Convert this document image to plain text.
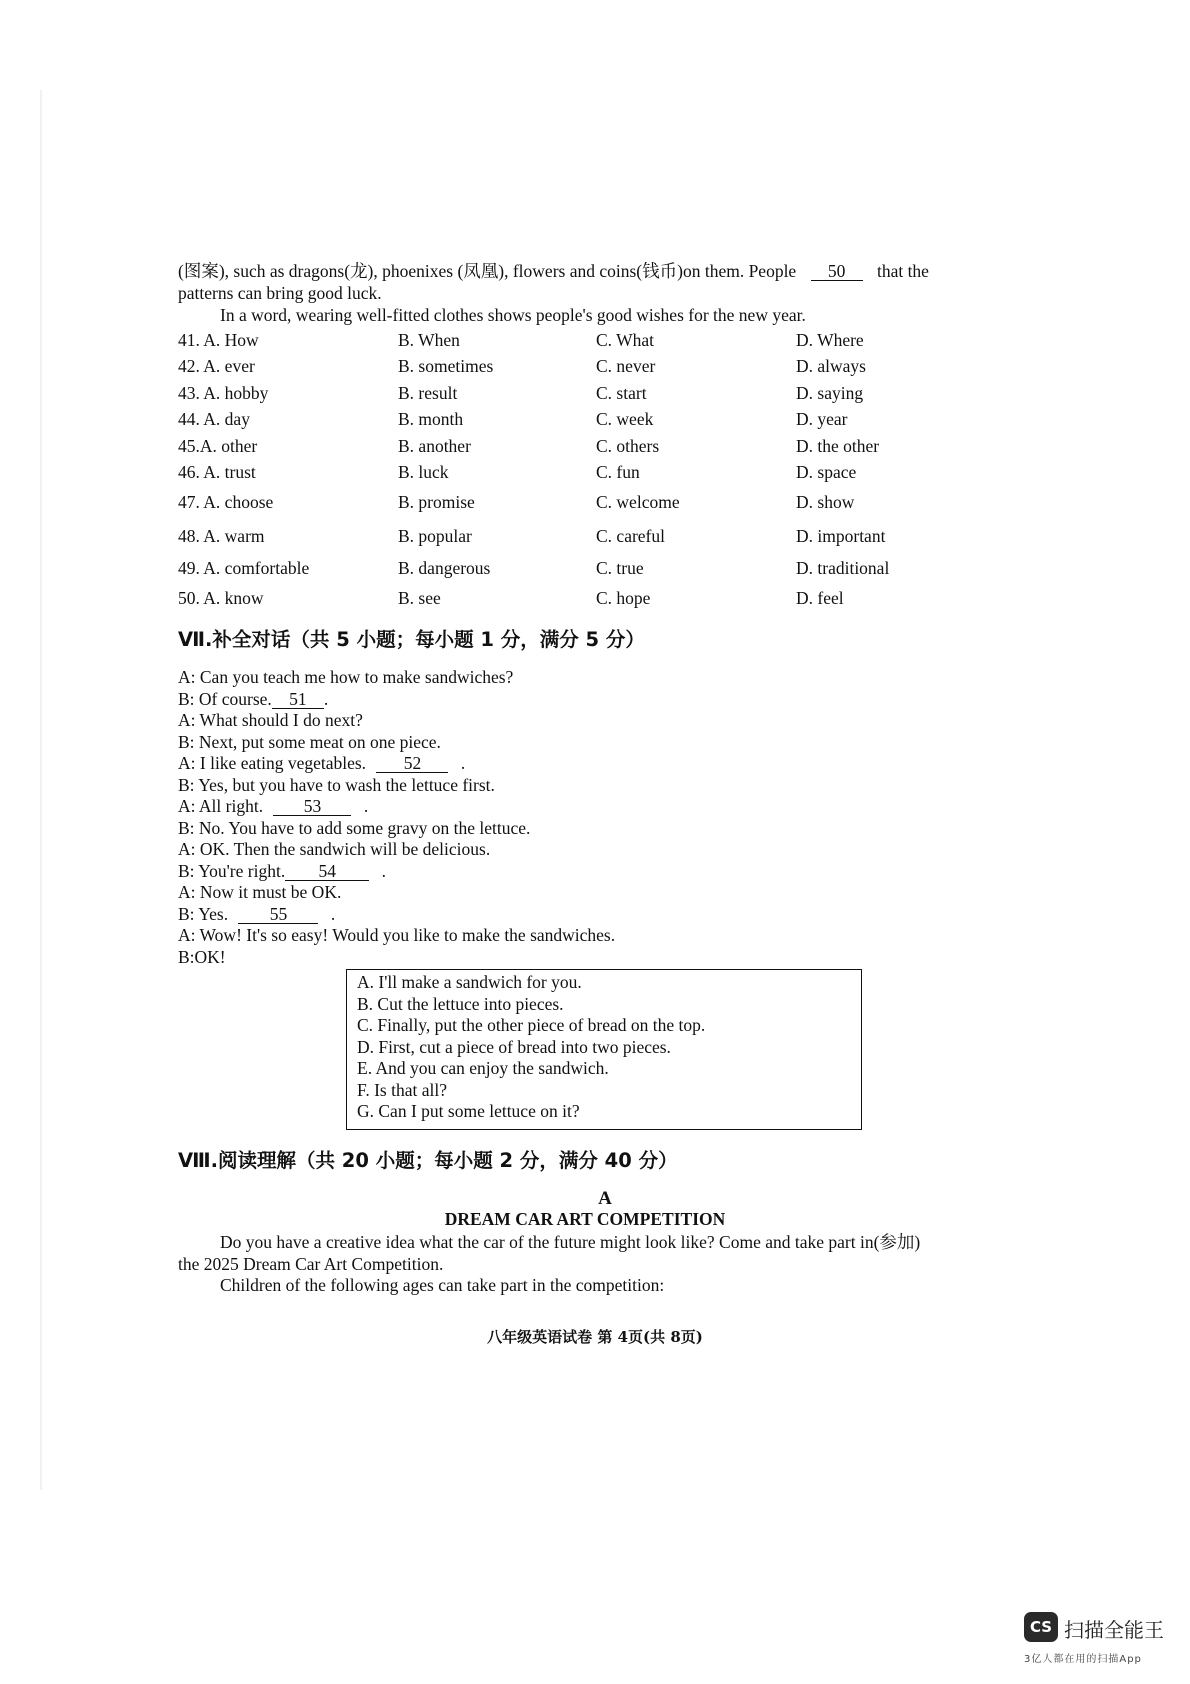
(图案), such as dragons(龙), phoenixes (凤凰), flowers and coins(钱币)on them. People 50 that the
patterns can bring good luck.
In a word, wearing well-fitted clothes shows people's good wishes for the new year.
41. A. How	B. When	C. What	D. Where
42. A. ever	B. sometimes	C. never	D. always
43. A. hobby	B. result	C. start	D. saying
44. A. day	B. month	C. week	D. year
45.A. other	B. another	C. others	D. the other
46. A. trust	B. luck	C. fun	D. space
47. A. choose	B. promise	C. welcome	D. show
48. A. warm	B. popular	C. careful	D. important
49. A. comfortable	B. dangerous	C. true	D. traditional
50. A. know	B. see	C. hope	D. feel
Ⅶ.补全对话（共 5 小题；每小题 1 分，满分 5 分）
A: Can you teach me how to make sandwiches?
B: Of course. 51 .
A: What should I do next?
B: Next, put some meat on one piece.
A: I like eating vegetables. 52 .
B: Yes, but you have to wash the lettuce first.
A: All right. 53 .
B: No. You have to add some gravy on the lettuce.
A: OK. Then the sandwich will be delicious.
B: You're right. 54	.
A: Now it must be OK.
B: Yes. 55 .
A: Wow! It's so easy! Would you like to make the sandwiches.
B:OK!
A. I'll make a sandwich for you.
B. Cut the lettuce into pieces.
C. Finally, put the other piece of bread on the top.
D. First, cut a piece of bread into two pieces.
E. And you can enjoy the sandwich.
F. Is that all?
G. Can I put some lettuce on it?
Ⅷ.阅读理解（共 20 小题；每小题 2 分，满分 40 分）
A
DREAM CAR ART COMPETITION
Do you have a creative idea what the car of the future might look like? Come and take part in(参加)
the 2025 Dream Car Art Competition.
Children of the following ages can take part in the competition:
八年级英语试卷 第 4页(共 8页)
CS 扫描全能王
3亿人都在用的扫描App
